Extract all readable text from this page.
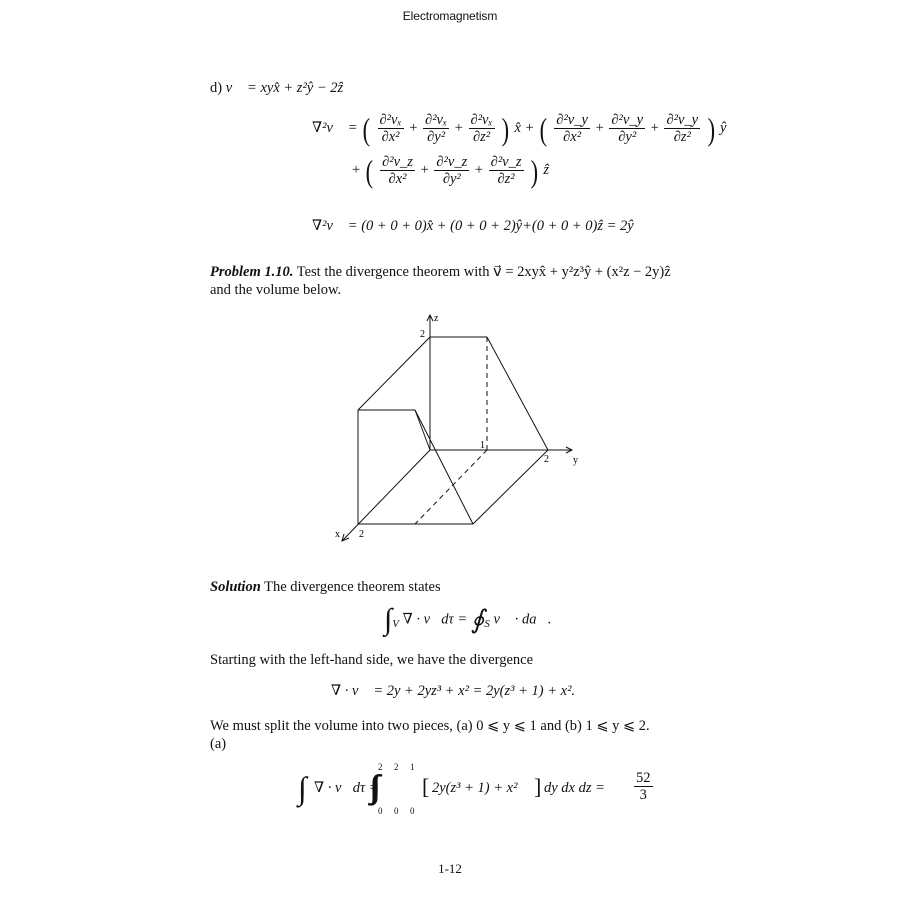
Electromagnetism
d) v⃗ = xyx̂ + z²ŷ − 2ẑ
∇²v⃗ = ( $\frac{\text{∂²vₓ}}{\text{∂x²}} + \frac{\text{∂²vₓ}}{\text{∂y²}} + \frac{\text{∂²vₓ}}{\text{∂z²}}$ ) x̂ + ( $\frac{\text{∂²v\_y}}{\text{∂x²}} + \frac{\text{∂²v\_y}}{\text{∂y²}} + \frac{\text{∂²v\_y}}{\text{∂z²}}$ ) ŷ
+ ( $\frac{\text{∂²v\_z}}{\text{∂x²}} + \frac{\text{∂²v\_z}}{\text{∂y²}} + \frac{\text{∂²v\_z}}{\text{∂z²}}$ ) ẑ
∇²v⃗ = (0 + 0 + 0)x̂ + (0 + 0 + 2)ŷ+(0 + 0 + 0)ẑ = 2ŷ
Problem 1.10. Test the divergence theorem with v⃗ = 2xyx̂ + y²z³ŷ + (x²z − 2y)ẑ
and the volume below.
z
2
y
1
2
x 2
Solution The divergence theorem states
$\int_V$ ∇ · v⃗dτ = $∮_S$ v⃗ · da⃗.
Starting with the left-hand side, we have the divergence
∇ · v⃗ = 2y + 2yz³ + x² = 2y(z³ + 1) + x².
We must split the volume into two pieces, (a) 0 ⩽ y ⩽ 1 and (b) 1 ⩽ y ⩽ 2.
(a)
∫ ∇ · v⃗dτ =
2 2 1
0 0 0
[ 2y(z³ + 1) + x² ] dy dx dz = $\frac{52}{3}$
1-12
